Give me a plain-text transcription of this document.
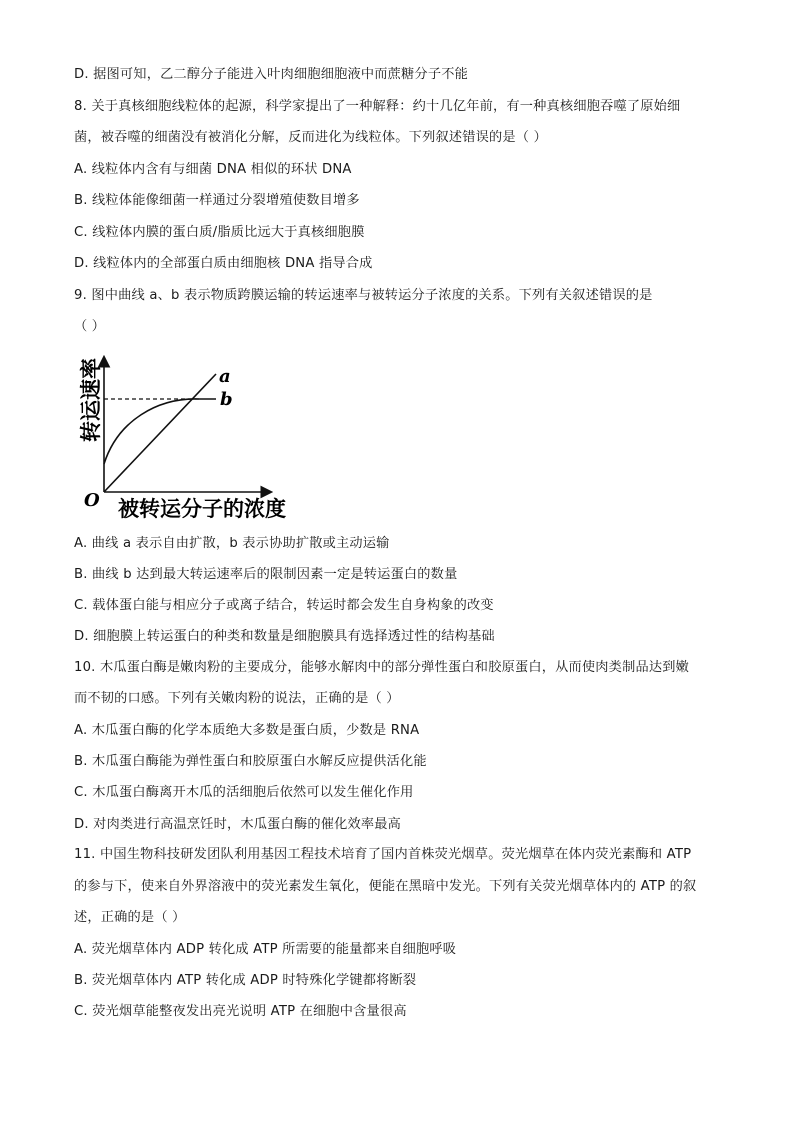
D. 据图可知，乙二醇分子能进入叶肉细胞细胞液中而蔗糖分子不能
8. 关于真核细胞线粒体的起源，科学家提出了一种解释：约十几亿年前，有一种真核细胞吞噬了原始细
菌，被吞噬的细菌没有被消化分解，反而进化为线粒体。下列叙述错误的是（ ）
A. 线粒体内含有与细菌 DNA 相似的环状 DNA
B. 线粒体能像细菌一样通过分裂增殖使数目增多
C. 线粒体内膜的蛋白质/脂质比远大于真核细胞膜
D. 线粒体内的全部蛋白质由细胞核 DNA 指导合成
9. 图中曲线 a、b 表示物质跨膜运输的转运速率与被转运分子浓度的关系。下列有关叙述错误的是
（ ）
转运速率
被转运分子的浓度
O
a
b
A. 曲线 a 表示自由扩散，b 表示协助扩散或主动运输
B. 曲线 b 达到最大转运速率后的限制因素一定是转运蛋白的数量
C. 载体蛋白能与相应分子或离子结合，转运时都会发生自身构象的改变
D. 细胞膜上转运蛋白的种类和数量是细胞膜具有选择透过性的结构基础
10. 木瓜蛋白酶是嫩肉粉的主要成分，能够水解肉中的部分弹性蛋白和胶原蛋白，从而使肉类制品达到嫩
而不韧的口感。下列有关嫩肉粉的说法，正确的是（ ）
A. 木瓜蛋白酶的化学本质绝大多数是蛋白质，少数是 RNA
B. 木瓜蛋白酶能为弹性蛋白和胶原蛋白水解反应提供活化能
C. 木瓜蛋白酶离开木瓜的活细胞后依然可以发生催化作用
D. 对肉类进行高温烹饪时，木瓜蛋白酶的催化效率最高
11. 中国生物科技研发团队利用基因工程技术培育了国内首株荧光烟草。荧光烟草在体内荧光素酶和 ATP
的参与下，使来自外界溶液中的荧光素发生氧化，便能在黑暗中发光。下列有关荧光烟草体内的 ATP 的叙
述，正确的是（ ）
A. 荧光烟草体内 ADP 转化成 ATP 所需要的能量都来自细胞呼吸
B. 荧光烟草体内 ATP 转化成 ADP 时特殊化学键都将断裂
C. 荧光烟草能整夜发出亮光说明 ATP 在细胞中含量很高
